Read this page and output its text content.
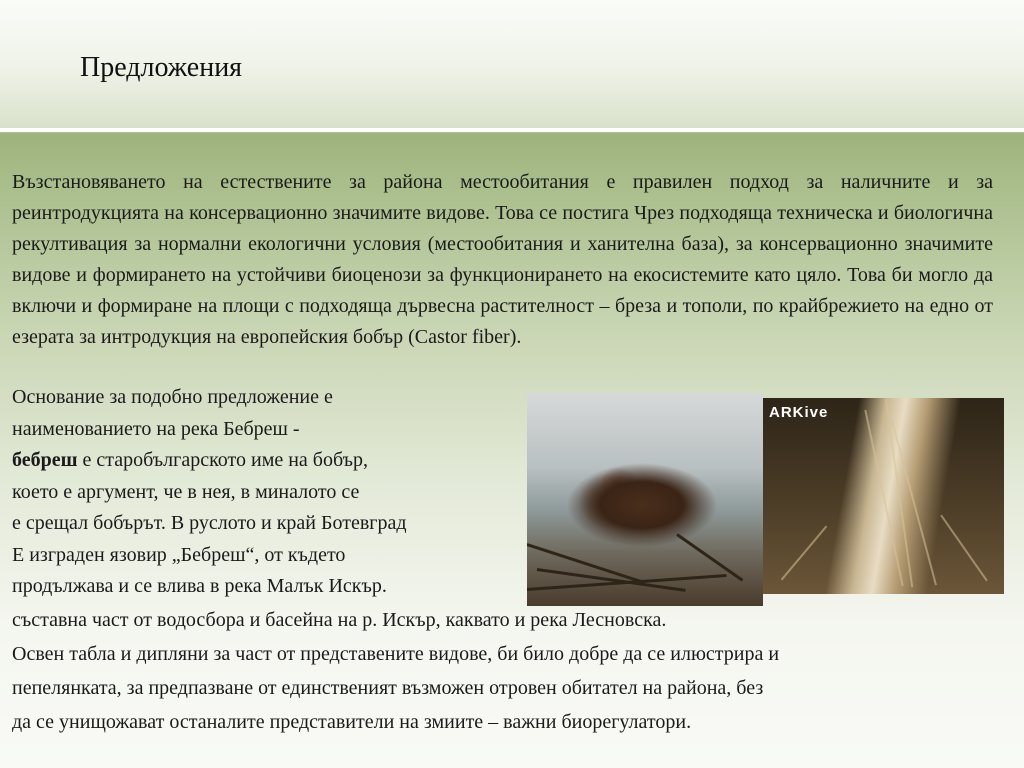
Предложения
Възстановяването на естествените за района местообитания е правилен подход за наличните и за реинтродукцията на консервационно значимите видове. Това се постига Чрез подходяща техническа и биологична рекултивация за нормални екологични условия (местообитания и ханителна база), за консервационно значимите видове и формирането на устойчиви биоценози за функционирането на екосистемите като цяло. Това би могло да включи и формиране на площи с подходяща дървесна растителност – бреза и тополи, по крайбрежието на едно от езерата за интродукция на европейския бобър (Castor fiber).
Основание за подобно предложение е
наименованието на река Бебреш -
бебреш е старобългарското име на бобър,
което е аргумент, че в нея, в миналото се
е срещал бобърът. В руслото и край Ботевград
Е изграден язовир „Бебреш“, от където
продължава и се влива в река Малък Искър.
ARKive
съставна част от водосбора и басейна на р. Искър, каквато и река Лесновска.
Освен табла и дипляни за част от представените видове, би било добре да се илюстрира и
пепелянката, за предпазване от единственият възможен отровен обитател на района, без
да се унищожават останалите представители на змиите – важни биорегулатори.
